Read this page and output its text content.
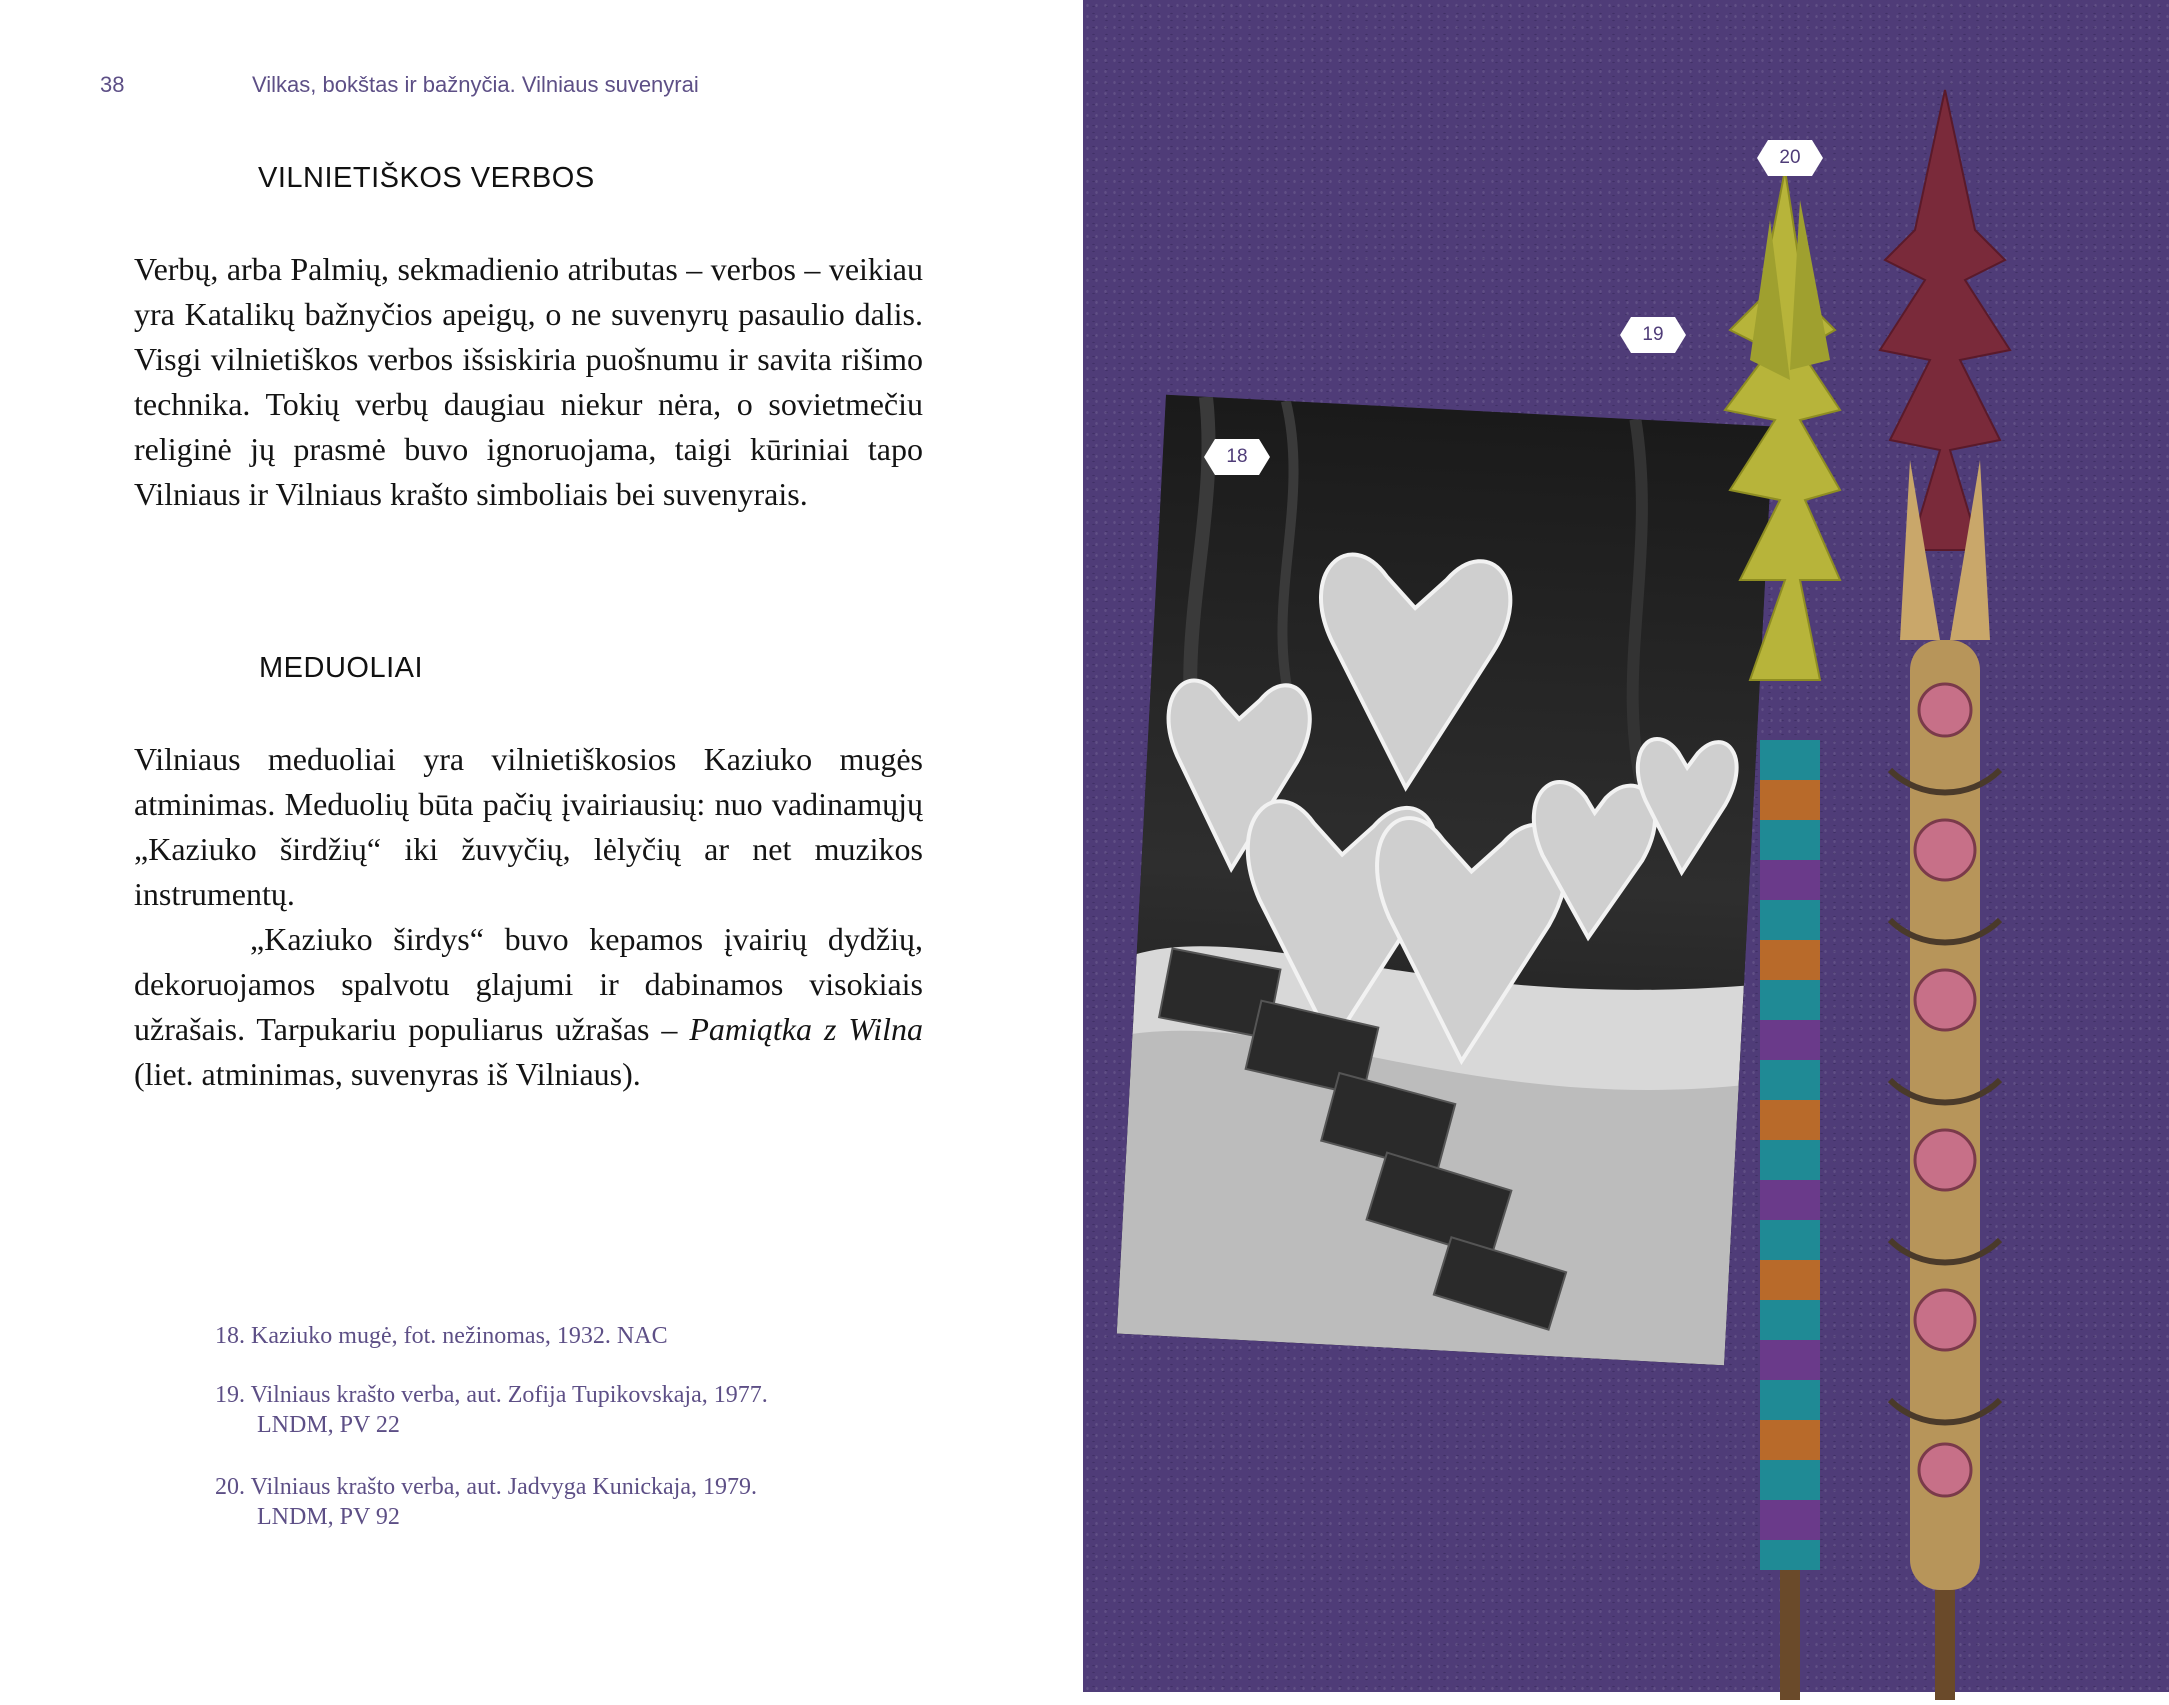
38	Vilkas, bokštas ir bažnyčia. Vilniaus suvenyrai
VILNIETIŠKOS VERBOS

Verbų, arba Palmių, sekmadienio atributas – verbos – veikiau yra Katalikų bažnyčios apeigų, o ne suvenyrų pasaulio dalis. Visgi vilnietiškos verbos išsiskiria puošnumu ir savita rišimo technika. Tokių verbų daugiau niekur nėra, o sovietmečiu religinė jų prasmė buvo ignoruojama, taigi kūriniai tapo Vilniaus ir Vilniaus krašto simboliais bei suvenyrais.

MEDUOLIAI

Vilniaus meduoliai yra vilnietiškosios Kaziuko mugės atminimas. Meduolių būta pačių įvairiausių: nuo vadinamųjų „Kaziuko širdžių“ iki žuvyčių, lėlyčių ar net muzikos instrumentų.

„Kaziuko širdys“ buvo kepamos įvairių dydžių, dekoruojamos spalvotu glajumi ir dabinamos visokiais užrašais. Tarpukariu populiarus užrašas – Pamiątka z Wilna (liet. atminimas, suvenyras iš Vilniaus).

18. Kaziuko mugė, fot. nežinomas, 1932. NAC

19. Vilniaus krašto verba, aut. Zofija Tupikovskaja, 1977.
LNDM, PV 22

20. Vilniaus krašto verba, aut. Jadvyga Kunickaja, 1979.
LNDM, PV 92

18
19
20
